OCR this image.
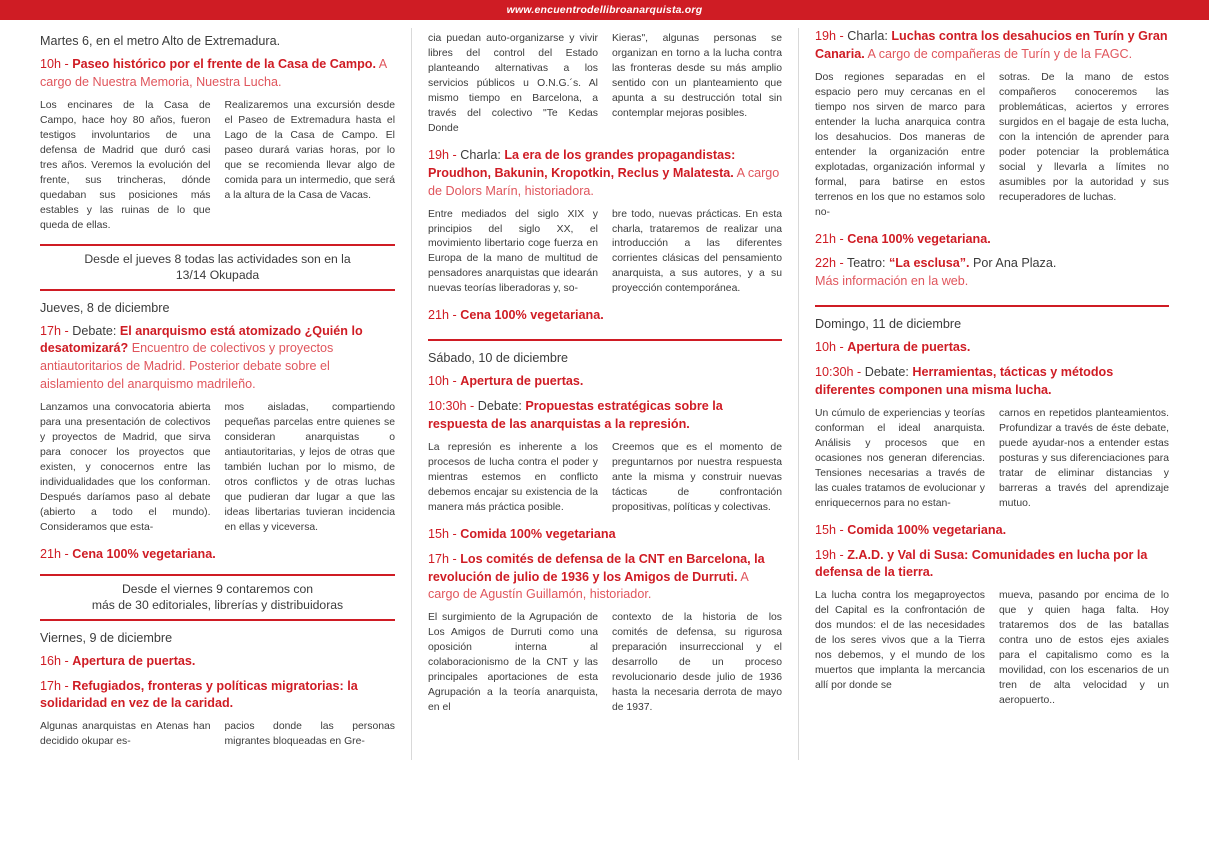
www.encuentrodellibroanarquista.org
Martes 6, en el metro Alto de Extremadura.
10h - Paseo histórico por el frente de la Casa de Campo. A cargo de Nuestra Memoria, Nuestra Lucha.
Los encinares de la Casa de Campo, hace hoy 80 años, fueron testigos involuntarios de una defensa de Madrid que duró casi tres años. Veremos la evolución del frente, sus trincheras, dónde quedaban sus posiciones más estables y las ruinas de lo que queda de ellas.
Realizaremos una excursión desde el Paseo de Extremadura hasta el Lago de la Casa de Campo. El paseo durará varias horas, por lo que se recomienda llevar algo de comida para un intermedio, que será a la altura de la Casa de Vacas.
Desde el jueves 8 todas las actividades son en la
13/14 Okupada
Jueves, 8 de diciembre
17h - Debate: El anarquismo está atomizado ¿Quién lo desatomizará? Encuentro de colectivos y proyectos antiautoritarios de Madrid. Posterior debate sobre el aislamiento del anarquismo madrileño.
Lanzamos una convocatoria abierta para una presentación de colectivos y proyectos de Madrid, que sirva para conocer los proyectos que existen, y conocernos entre las individualidades que los conforman. Después daríamos paso al debate (abierto a todo el mundo). Consideramos que esta-
mos aisladas, compartiendo pequeñas parcelas entre quienes se consideran anarquistas o antiautoritarias, y lejos de otras que también luchan por lo mismo, de otros conflictos y de otras luchas que pudieran dar lugar a que las ideas libertarias tuvieran incidencia en ellas y viceversa.
21h - Cena 100% vegetariana.
Desde el viernes 9 contaremos con
más de 30 editoriales, librerías y distribuidoras
Viernes, 9 de diciembre
16h - Apertura de puertas.
17h - Refugiados, fronteras y políticas migratorias: la solidaridad en vez de la caridad.
Algunas anarquistas en Atenas han decidido okupar es-
pacios donde las personas migrantes bloqueadas en Gre-
cia puedan auto-organizarse y vivir libres del control del Estado planteando alternativas a los servicios públicos u O.N.G.´s. Al mismo tiempo en Barcelona, a través del colectivo "Te Kedas Donde
Kieras", algunas personas se organizan en torno a la lucha contra las fronteras desde su más amplio sentido con un planteamiento que apunta a su destrucción total sin contemplar mejoras posibles.
19h - Charla: La era de los grandes propagandistas: Proudhon, Bakunin, Kropotkin, Reclus y Malatesta. A cargo de Dolors Marín, historiadora.
Entre mediados del siglo XIX y principios del siglo XX, el movimiento libertario coge fuerza en Europa de la mano de multitud de pensadores anarquistas que idearán nuevas teorías liberadoras y, so-
bre todo, nuevas prácticas. En esta charla, trataremos de realizar una introducción a las diferentes corrientes clásicas del pensamiento anarquista, a sus autores, y a su proyección contemporánea.
21h - Cena 100% vegetariana.
Sábado, 10 de diciembre
10h - Apertura de puertas.
10:30h - Debate: Propuestas estratégicas sobre la respuesta de las anarquistas a la represión.
La represión es inherente a los procesos de lucha contra el poder y mientras estemos en conflicto debemos encajar su existencia de la manera más práctica posible.
Creemos que es el momento de preguntarnos por nuestra respuesta ante la misma y construir nuevas tácticas de confrontación propositivas, políticas y colectivas.
15h - Comida 100% vegetariana
17h - Los comités de defensa de la CNT en Barcelona, la revolución de julio de 1936 y los Amigos de Durruti. A cargo de Agustín Guillamón, historiador.
El surgimiento de la Agrupación de Los Amigos de Durruti como una oposición interna al colaboracionismo de la CNT y las principales aportaciones de esta Agrupación a la teoría anarquista, en el
contexto de la historia de los comités de defensa, su rigurosa preparación insurreccional y el desarrollo de un proceso revolucionario desde julio de 1936 hasta la necesaria derrota de mayo de 1937.
19h - Charla: Luchas contra los desahucios en Turín y Gran Canaria. A cargo de compañeras de Turín y de la FAGC.
Dos regiones separadas en el espacio pero muy cercanas en el tiempo nos sirven de marco para entender la lucha anarquica contra los desahucios. Dos maneras de entender la organización entre explotadas, organización informal y formal, para batirse en estos terrenos en los que no estamos solo no-
sotras. De la mano de estos compañeros conoceremos las problemáticas, aciertos y errores surgidos en el bagaje de esta lucha, con la intención de aprender para poder potenciar la problemática social y llevarla a límites no asumibles por la autoridad y sus recuperadores de luchas.
21h - Cena 100% vegetariana.
22h - Teatro: “La esclusa”. Por Ana Plaza.
Más información en la web.
Domingo, 11 de diciembre
10h - Apertura de puertas.
10:30h - Debate: Herramientas, tácticas y métodos diferentes componen una misma lucha.
Un cúmulo de experiencias y teorías conforman el ideal anarquista. Análisis y procesos que en ocasiones nos generan diferencias. Tensiones necesarias a través de las cuales tratamos de evolucionar y enriquecernos para no estan-
carnos en repetidos planteamientos. Profundizar a través de éste debate, puede ayudar-nos a entender estas posturas y sus diferenciaciones para tratar de eliminar distancias y barreras a través del aprendizaje mutuo.
15h - Comida 100% vegetariana.
19h - Z.A.D. y Val di Susa: Comunidades en lucha por la defensa de la tierra.
La lucha contra los megaproyectos del Capital es la confrontación de dos mundos: el de las necesidades de los seres vivos que a la Tierra nos debemos, y el mundo de los muertos que implanta la mercancia allí por donde se
mueva, pasando por encima de lo que y quien haga falta. Hoy trataremos dos de las batallas contra uno de estos ejes axiales para el capitalismo como es la movilidad, con los escenarios de un tren de alta velocidad y un aeropuerto..
